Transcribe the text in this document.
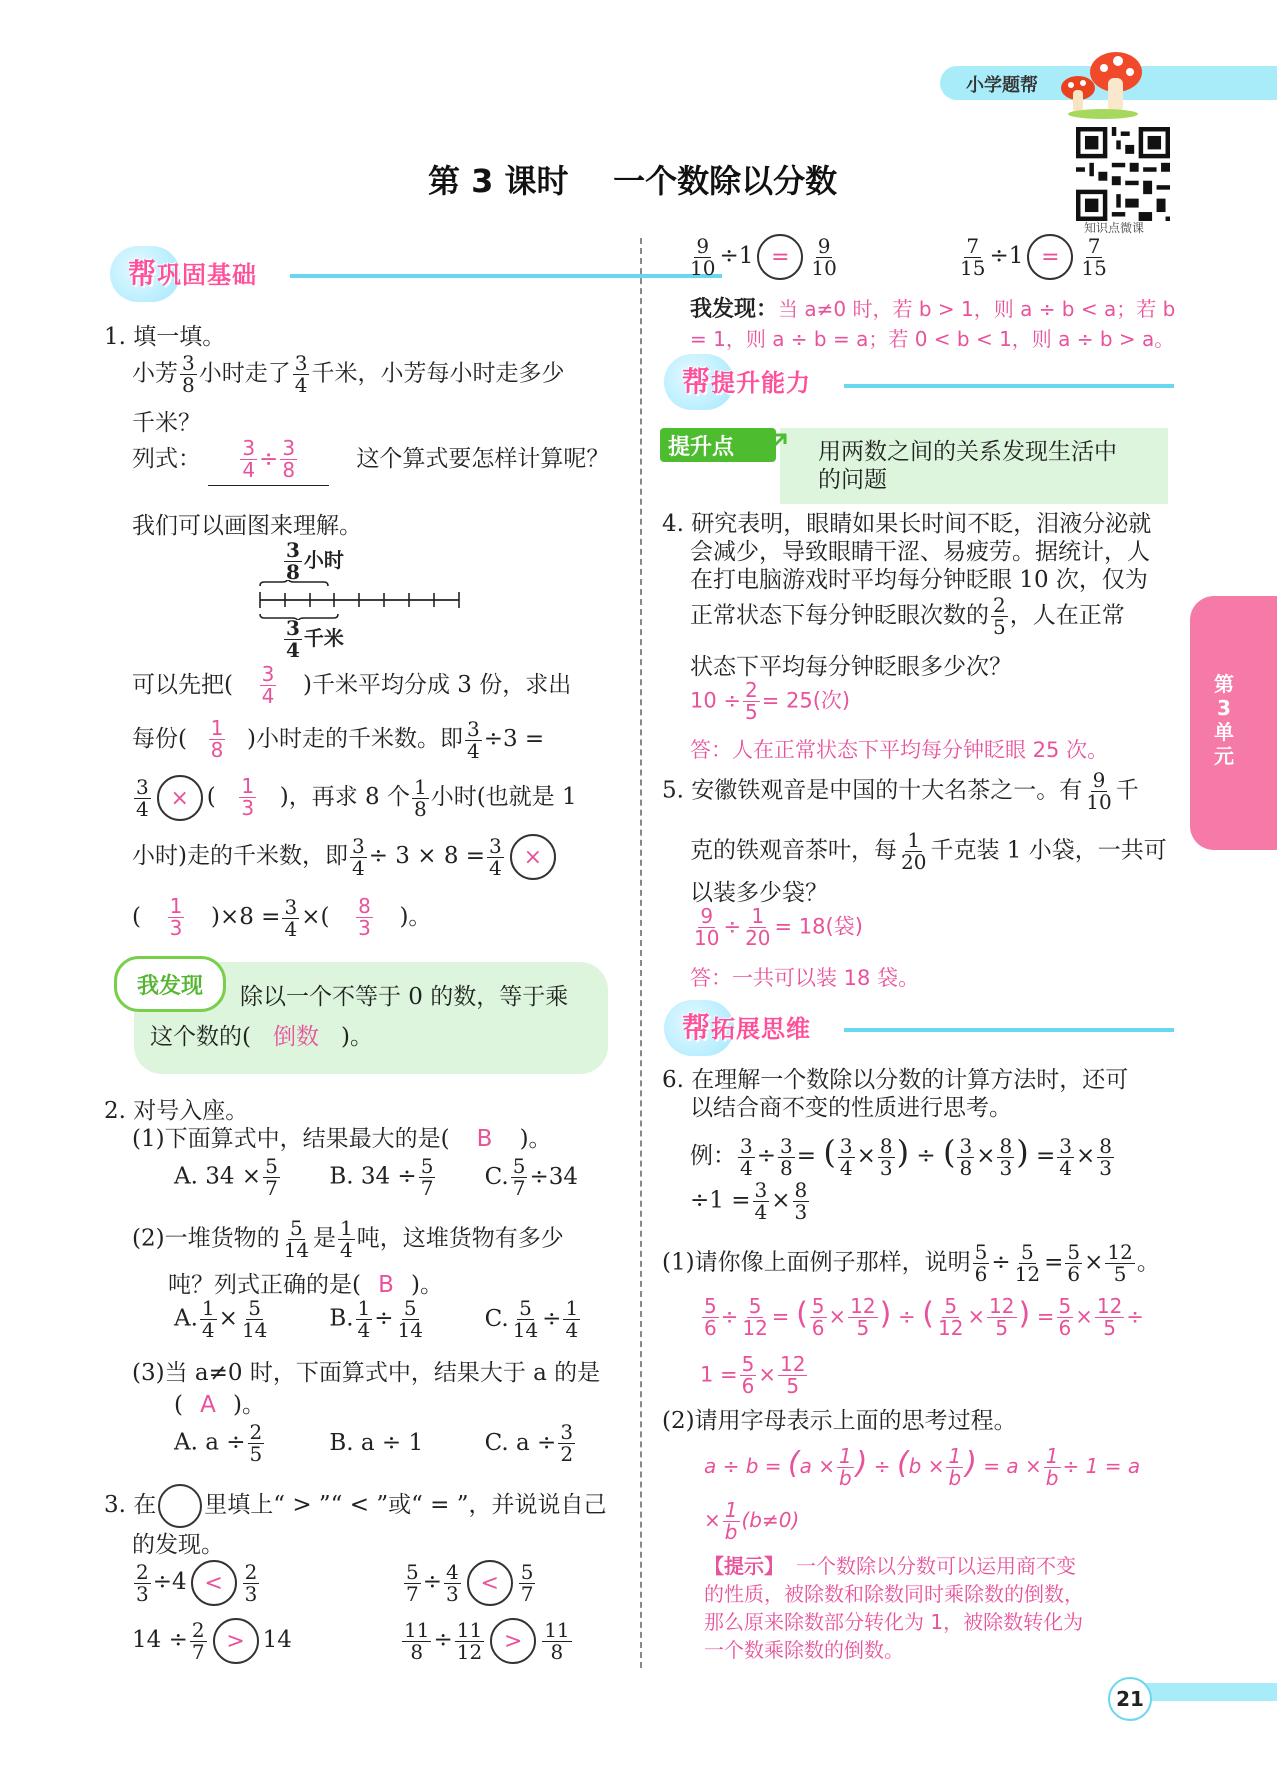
小学题帮
知识点微课
第 3 课时    一个数除以分数
第
3
单
元
21
帮巩固基础
1. 填一填。
小芳 $\frac{3}{8}$ 小时走了 $\frac{3}{4}$ 千米，小芳每小时走多少
千米？
列式： $\frac{3}{4} \div \frac{3}{8}$	这个算式要怎样计算呢？
我们可以画图来理解。
$\frac{3}{8}$ 小时
$\frac{3}{4}$ 千米
可以先把( $\frac{3}{4}$ )千米平均分成 3 份，求出
每份( $\frac{1}{8}$ )小时走的千米数。即 $\frac{3}{4} \div 3$ =
$\frac{3}{4}$ × ( $\frac{1}{3}$ )，再求 8 个 $\frac{1}{8}$ 小时(也就是 1
小时)走的千米数，即 $\frac{3}{4} \div 3 \times 8 = \frac{3}{4}$ ×
( $\frac{1}{3} )\times 8 = \frac{3}{4}$ ×( $\frac{8}{3}$ )。
我发现	除以一个不等于 0 的数，等于乘
这个数的( 倒数 )。
2. 对号入座。
(1)下面算式中，结果最大的是( B )。
A. $34 \times \frac{5}{7} B$. $34 \div \frac{5}{7} C$. $\frac{5}{7} \div 34$
(2)一堆货物的 $\frac{5}{14}$ 是 $\frac{1}{4}$ 吨，这堆货物有多少
吨？列式正确的是( B )。
A. $\frac{1}{4} \times \frac{5}{14}$	B. $\frac{1}{4} \div \frac{5}{14}$	C. $\frac{5}{14} \div \frac{1}{4}$
(3)当 a≠0 时，下面算式中，结果大于 a 的是
( A )。
A. $a \div \frac{2}{5}$	B. a ÷ 1	C. $a \div \frac{3}{2}$
3. 在 里填上“ > ”“ < ”或“ = ”，并说说自己
的发现。
$\frac{2}{3} \div 4 < \frac{2}{3}$	$\frac{5}{7} \div \frac{4}{3} < \frac{5}{7}$
$14 \div \frac{2}{7} > 14$	$\frac{11}{8} \div \frac{11}{12} > \frac{11}{8}$
$\frac{9}{10} \div 1 = \frac{9}{10}$	$\frac{7}{15} \div 1 = \frac{7}{15}$
我发现：当 a≠0 时，若 b > 1，则 a ÷ b < a；若 b
= 1，则 a ÷ b = a；若 0 < b < 1，则 a ÷ b > a。
帮提升能力
提升点	用两数之间的关系发现生活中
的问题
4. 研究表明，眼睛如果长时间不眨，泪液分泌就
会减少，导致眼睛干涩、易疲劳。据统计，人
在打电脑游戏时平均每分钟眨眼 10 次，仅为
正常状态下每分钟眨眼次数的 $\frac{2}{5}$ ，人在正常
状态下平均每分钟眨眼多少次？
$10 \div \frac{2}{5} = 25$(次)
答：人在正常状态下平均每分钟眨眼 25 次。
5. 安徽铁观音是中国的十大名茶之一。有 $\frac{9}{10}$ 千
克的铁观音茶叶，每 $\frac{1}{20}$ 千克装 1 小袋，一共可
以装多少袋？
$\frac{9}{10} \div \frac{1}{20} = 18$(袋)
答：一共可以装 18 袋。
帮拓展思维
6. 在理解一个数除以分数的计算方法时，还可
以结合商不变的性质进行思考。
例： $\frac{3}{4} \div \frac{3}{8}$ = ( $\frac{3}{4} \times \frac{8}{3}$ ) ÷ ( $\frac{3}{8} \times \frac{8}{3}$ ) = $\frac{3}{4} \times \frac{8}{3}$
$\div 1 = \frac{3}{4} \times \frac{8}{3}$
(1)请你像上面例子那样，说明 $\frac{5}{6} \div \frac{5}{12} = \frac{5}{6} \times \frac{12}{5}$ 。
$\frac{5}{6} \div \frac{5}{12}$ = ( $\frac{5}{6} \times \frac{12}{5}$ ) ÷ ( $\frac{5}{12} \times \frac{12}{5}$ ) = $\frac{5}{6} \times \frac{12}{5}$ ÷
$1 = \frac{5}{6} \times \frac{12}{5}$
(2)请用字母表示上面的思考过程。
$a \div b = (a \times \frac{1}{b}$ ) ÷ ($b \times \frac{1}{b}$ ) = $a \times \frac{1}{b} \div 1 = a$
× $\frac{1}{b} (b\ne 0)$
【提示】 一个数除以分数可以运用商不变
的性质，被除数和除数同时乘除数的倒数，
那么原来除数部分转化为 1，被除数转化为
一个数乘除数的倒数。
